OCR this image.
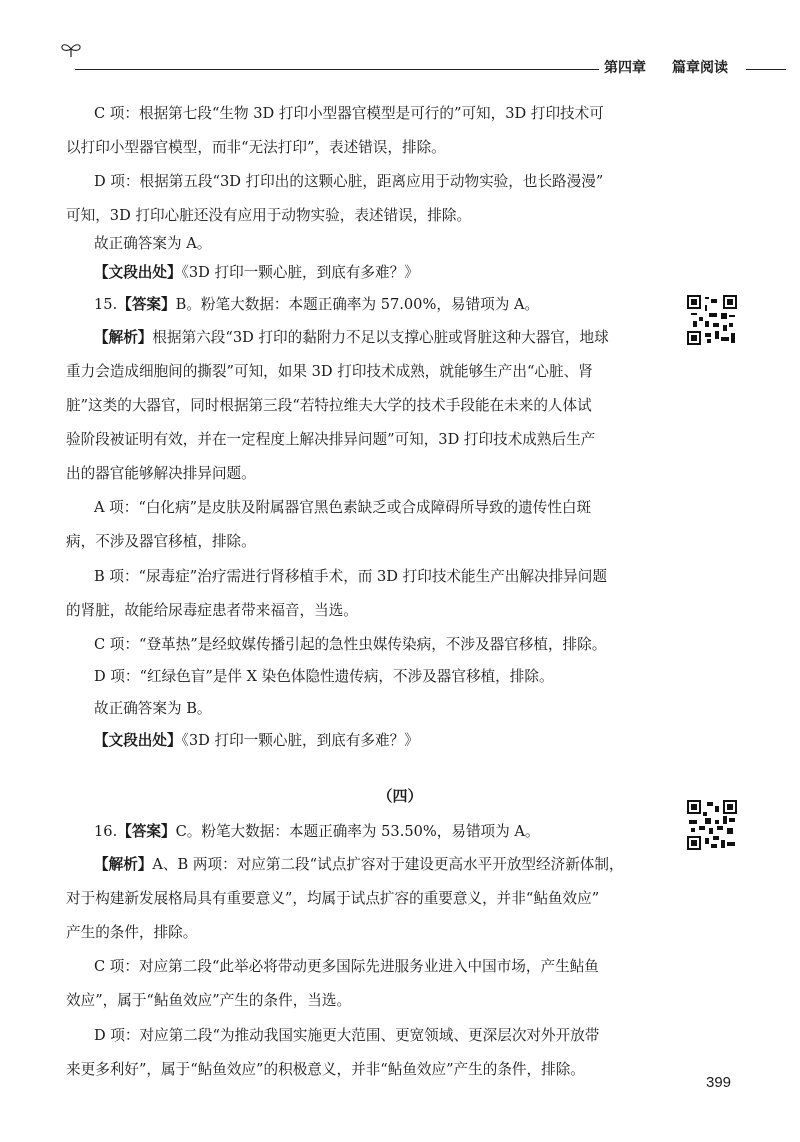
第四章 篇章阅读
C 项：根据第七段“生物 3D 打印小型器官模型是可行的”可知，3D 打印技术可
以打印小型器官模型，而非“无法打印”，表述错误，排除。
D 项：根据第五段“3D 打印出的这颗心脏，距离应用于动物实验，也长路漫漫”
可知，3D 打印心脏还没有应用于动物实验，表述错误，排除。
故正确答案为 A。
【文段出处】《3D 打印一颗心脏，到底有多难？》
15.【答案】B。粉笔大数据：本题正确率为 57.00%，易错项为 A。
【解析】根据第六段“3D 打印的黏附力不足以支撑心脏或肾脏这种大器官，地球
重力会造成细胞间的撕裂”可知，如果 3D 打印技术成熟，就能够生产出“心脏、肾
脏”这类的大器官，同时根据第三段“若特拉维夫大学的技术手段能在未来的人体试
验阶段被证明有效，并在一定程度上解决排异问题”可知，3D 打印技术成熟后生产
出的器官能够解决排异问题。
A 项：“白化病”是皮肤及附属器官黑色素缺乏或合成障碍所导致的遗传性白斑
病，不涉及器官移植，排除。
B 项：“尿毒症”治疗需进行肾移植手术，而 3D 打印技术能生产出解决排异问题
的肾脏，故能给尿毒症患者带来福音，当选。
C 项：“登革热”是经蚊媒传播引起的急性虫媒传染病，不涉及器官移植，排除。
D 项：“红绿色盲”是伴 X 染色体隐性遗传病，不涉及器官移植，排除。
故正确答案为 B。
【文段出处】《3D 打印一颗心脏，到底有多难？》
（四）
16.【答案】C。粉笔大数据：本题正确率为 53.50%，易错项为 A。
【解析】A、B 两项：对应第二段“试点扩容对于建设更高水平开放型经济新体制，
对于构建新发展格局具有重要意义”，均属于试点扩容的重要意义，并非“鲇鱼效应”
产生的条件，排除。
C 项：对应第二段“此举必将带动更多国际先进服务业进入中国市场，产生鲇鱼
效应”，属于“鲇鱼效应”产生的条件，当选。
D 项：对应第二段“为推动我国实施更大范围、更宽领域、更深层次对外开放带
来更多利好”，属于“鲇鱼效应”的积极意义，并非“鲇鱼效应”产生的条件，排除。
399
